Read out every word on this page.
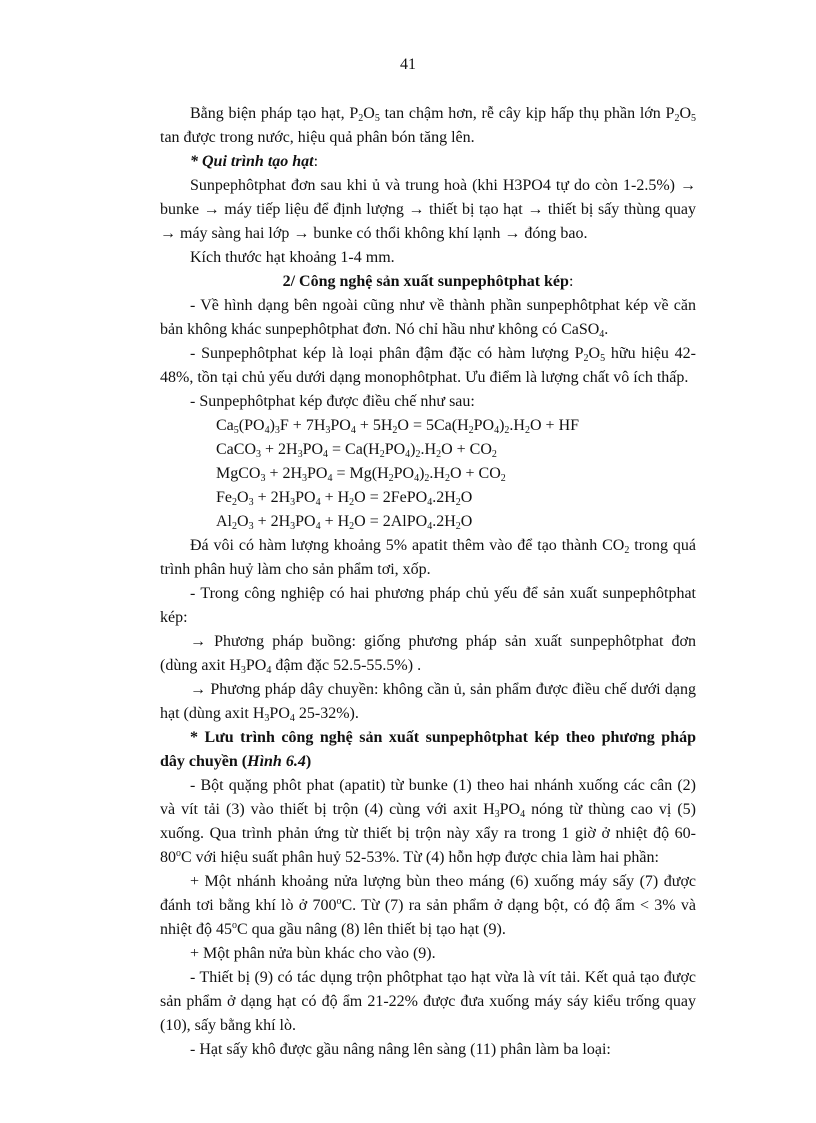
41

Bằng biện pháp tạo hạt, $P_2O_5$ tan chậm hơn, rễ cây kịp hấp thụ phần lớn $P_2O_5$ tan được trong nước, hiệu quả phân bón tăng lên.

* Qui trình tạo hạt:

Sunpephôtphat đơn sau khi ủ và trung hoà (khi H3PO4 tự do còn 1-2.5%) → bunke → máy tiếp liệu để định lượng → thiết bị tạo hạt → thiết bị sấy thùng quay → máy sàng hai lớp → bunke có thổi không khí lạnh → đóng bao.

Kích thước hạt khoảng 1-4 mm.

2/ Công nghệ sản xuất sunpephôtphat kép:

- Về hình dạng bên ngoài cũng như về thành phần sunpephôtphat kép về căn bản không khác sunpephôtphat đơn. Nó chỉ hầu như không có CaSO$_4$.

- Sunpephôtphat kép là loại phân đậm đặc có hàm lượng $P_2O_5$ hữu hiệu 42-48%, tồn tại chủ yếu dưới dạng monophôtphat. Ưu điểm là lượng chất vô ích thấp.

- Sunpephôtphat kép được điều chế như sau:

$Ca_5(PO_4)_3F + 7H_3PO_4 + 5H_2O = 5Ca(H_2PO_4)_2.H_2O$ + HF

CaCO$_3$ + $2H_3PO_4 = Ca(H_2PO_4)_2.H_2O + CO_2$

MgCO$_3$ + $2H_3PO_4 = Mg(H_2PO_4)_2.H_2O + CO_2$

$Fe_2O_3 + 2H_3PO_4 + H_2O$ = $2FePO_4.2H_2O$

$Al_2O_3 + 2H_3PO_4 + H_2O$ = $2AlPO_4.2H_2O$

Đá vôi có hàm lượng khoảng 5% apatit thêm vào để tạo thành $CO_2$ trong quá trình phân huỷ làm cho sản phẩm tơi, xốp.

- Trong công nghiệp có hai phương pháp chủ yếu để sản xuất sunpephôtphat kép:

→ Phương pháp buồng: giống phương pháp sản xuất sunpephôtphat đơn (dùng axit $H_3PO_4$ đậm đặc 52.5-55.5%) .

→ Phương pháp dây chuyền: không cần ủ, sản phẩm được điều chế dưới dạng hạt (dùng axit $H_3PO_4$ 25-32%).

* Lưu trình công nghệ sản xuất sunpephôtphat kép theo phương pháp dây chuyền (Hình 6.4)

- Bột quặng phôt phat (apatit) từ bunke (1) theo hai nhánh xuống các cân (2) và vít tải (3) vào thiết bị trộn (4) cùng với axit $H_3PO_4$ nóng từ thùng cao vị (5) xuống. Qua trình phản ứng từ thiết bị trộn này xẩy ra trong 1 giờ ở nhiệt độ 60-80$^o$C với hiệu suất phân huỷ 52-53%. Từ (4) hỗn hợp được chia làm hai phần:

+ Một nhánh khoảng nửa lượng bùn theo máng (6) xuống máy sấy (7) được đánh tơi bằng khí lò ở 700$^o$C. Từ (7) ra sản phẩm ở dạng bột, có độ ẩm < 3% và nhiệt độ 45$^o$C qua gầu nâng (8) lên thiết bị tạo hạt (9).

+ Một phân nửa bùn khác cho vào (9).

- Thiết bị (9) có tác dụng trộn phôtphat tạo hạt vừa là vít tải. Kết quả tạo được sản phẩm ở dạng hạt có độ ẩm 21-22% được đưa xuống máy sáy kiểu trống quay (10), sấy bằng khí lò.

- Hạt sấy khô được gầu nâng nâng lên sàng (11) phân làm ba loại:
